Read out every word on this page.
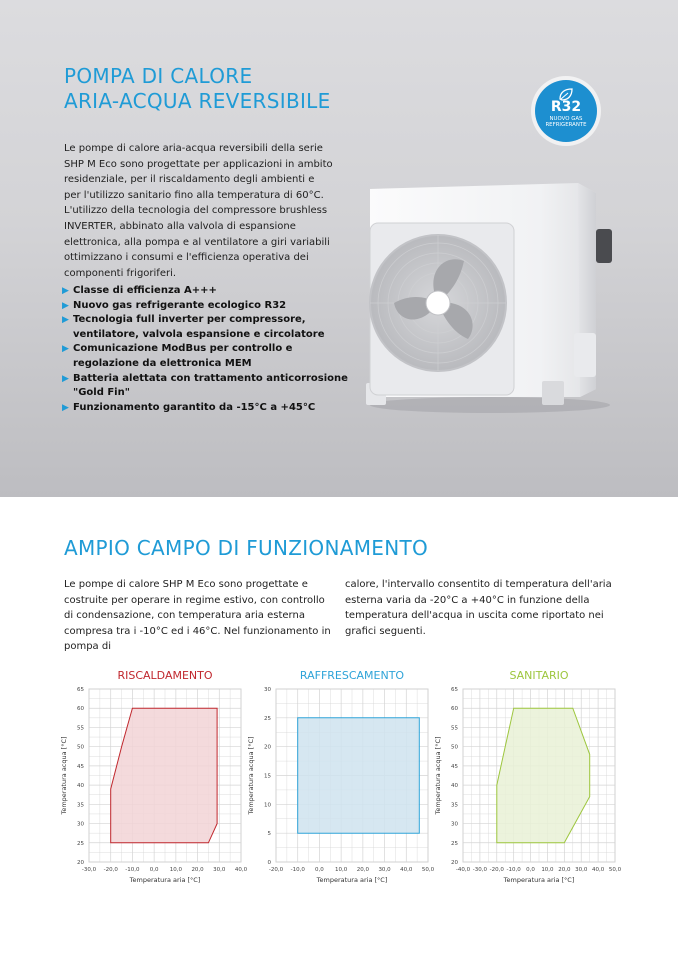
POMPA DI CALORE
ARIA-ACQUA REVERSIBILE

Le pompe di calore aria-acqua reversibili della serie SHP M Eco sono progettate per applicazioni in ambito residenziale, per il riscaldamento degli ambienti e per l'utilizzo sanitario fino alla temperatura di 60°C. L'utilizzo della tecnologia del compressore brushless INVERTER, abbinato alla valvola di espansione elettronica, alla pompa e al ventilatore a giri variabili ottimizzano i consumi e l'efficienza operativa dei componenti frigoriferi.

▶ Classe di efficienza A+++
▶ Nuovo gas refrigerante ecologico R32
▶ Tecnologia full inverter per compressore, ventilatore, valvola espansione e circolatore
▶ Comunicazione ModBus per controllo e regolazione da elettronica MEM
▶ Batteria alettata con trattamento anticorrosione "Gold Fin"
▶ Funzionamento garantito da -15°C a +45°C
R32
NUOVO GAS REFRIGERANTE
AMPIO CAMPO DI FUNZIONAMENTO

Le pompe di calore SHP M Eco sono progettate e costruite per operare in regime estivo, con controllo di condensazione, con temperatura aria esterna compresa tra i -10°C ed i 46°C. Nel funzionamento in pompa di

calore, l'intervallo consentito di temperatura dell'aria esterna varia da -20°C a +40°C in funzione della temperatura dell'acqua in uscita come riportato nei grafici seguenti.

RISCALDAMENTO
-30,0 -20,0 -10,0 0,0 10,0 20,0 30,0 40,0
20
25
30
35
40
45
50
55
60
65
Temperatura aria [°C]
Temperatura acqua [°C]
RAFFRESCAMENTO
-20,0 -10,0 0,0 10,0 20,0 30,0 40,0 50,0
0
5
10
15
20
25
30
Temperatura aria [°C]
Temperatura acqua [°C]
SANITARIO
-40,0 -30,0 -20,0 -10,0 0,0 10,0 20,0 30,0 40,0 50,0
20
25
30
35
40
45
50
55
60
65
Temperatura aria [°C]
Temperatura acqua [°C]
